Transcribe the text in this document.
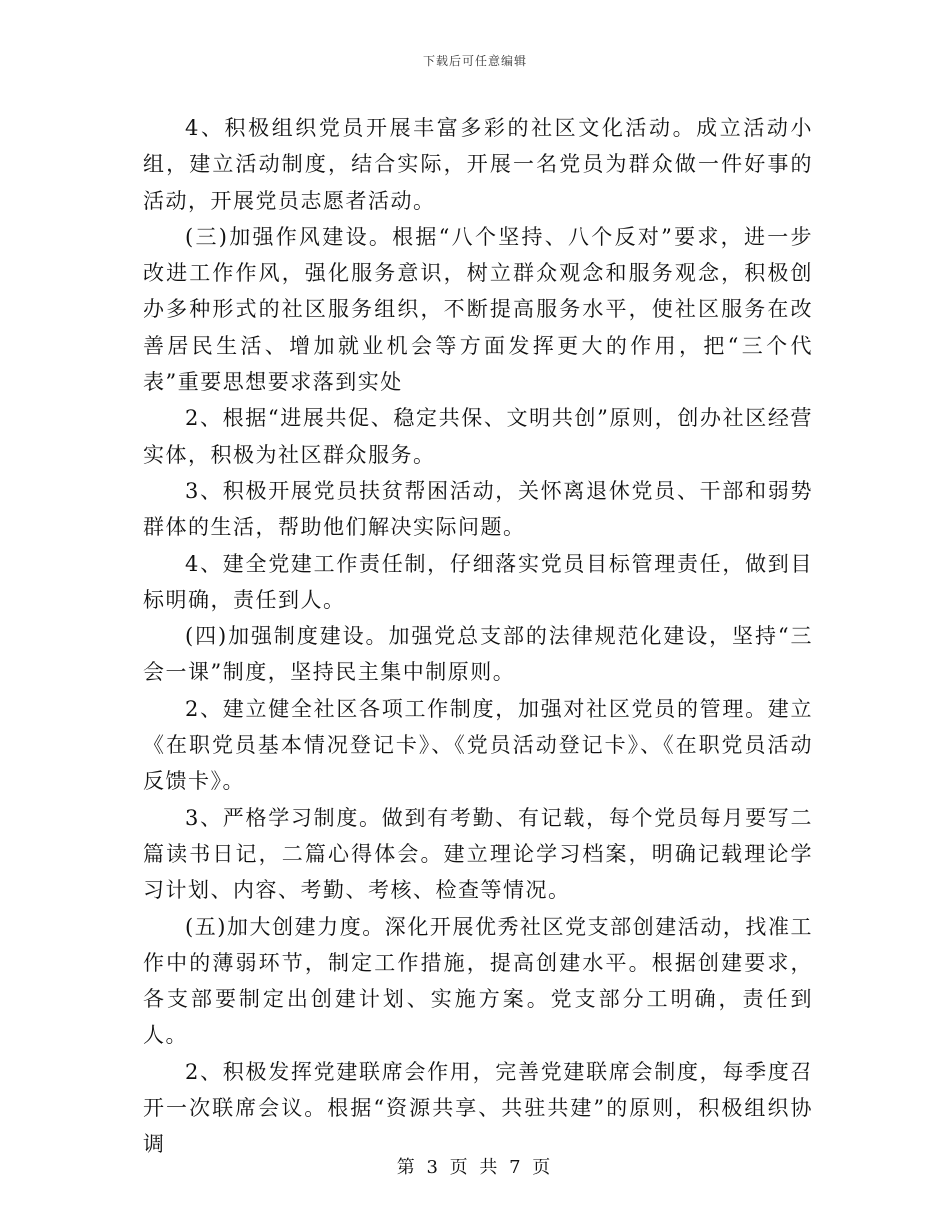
下载后可任意编辑

4、积极组织党员开展丰富多彩的社区文化活动。成立活动小组，建立活动制度，结合实际，开展一名党员为群众做一件好事的活动，开展党员志愿者活动。

(三)加强作风建设。根据“八个坚持、八个反对”要求，进一步改进工作作风，强化服务意识，树立群众观念和服务观念，积极创办多种形式的社区服务组织，不断提高服务水平，使社区服务在改善居民生活、增加就业机会等方面发挥更大的作用，把“三个代表”重要思想要求落到实处

2、根据“进展共促、稳定共保、文明共创”原则，创办社区经营实体，积极为社区群众服务。

3、积极开展党员扶贫帮困活动，关怀离退休党员、干部和弱势群体的生活，帮助他们解决实际问题。

4、建全党建工作责任制，仔细落实党员目标管理责任，做到目标明确，责任到人。

(四)加强制度建设。加强党总支部的法律规范化建设，坚持“三会一课”制度，坚持民主集中制原则。

2、建立健全社区各项工作制度，加强对社区党员的管理。建立《在职党员基本情况登记卡》、《党员活动登记卡》、《在职党员活动反馈卡》。

3、严格学习制度。做到有考勤、有记载，每个党员每月要写二篇读书日记，二篇心得体会。建立理论学习档案，明确记载理论学习计划、内容、考勤、考核、检查等情况。

(五)加大创建力度。深化开展优秀社区党支部创建活动，找准工作中的薄弱环节，制定工作措施，提高创建水平。根据创建要求，各支部要制定出创建计划、实施方案。党支部分工明确，责任到人。

2、积极发挥党建联席会作用，完善党建联席会制度，每季度召开一次联席会议。根据“资源共享、共驻共建”的原则，积极组织协调

第 3 页 共 7 页
